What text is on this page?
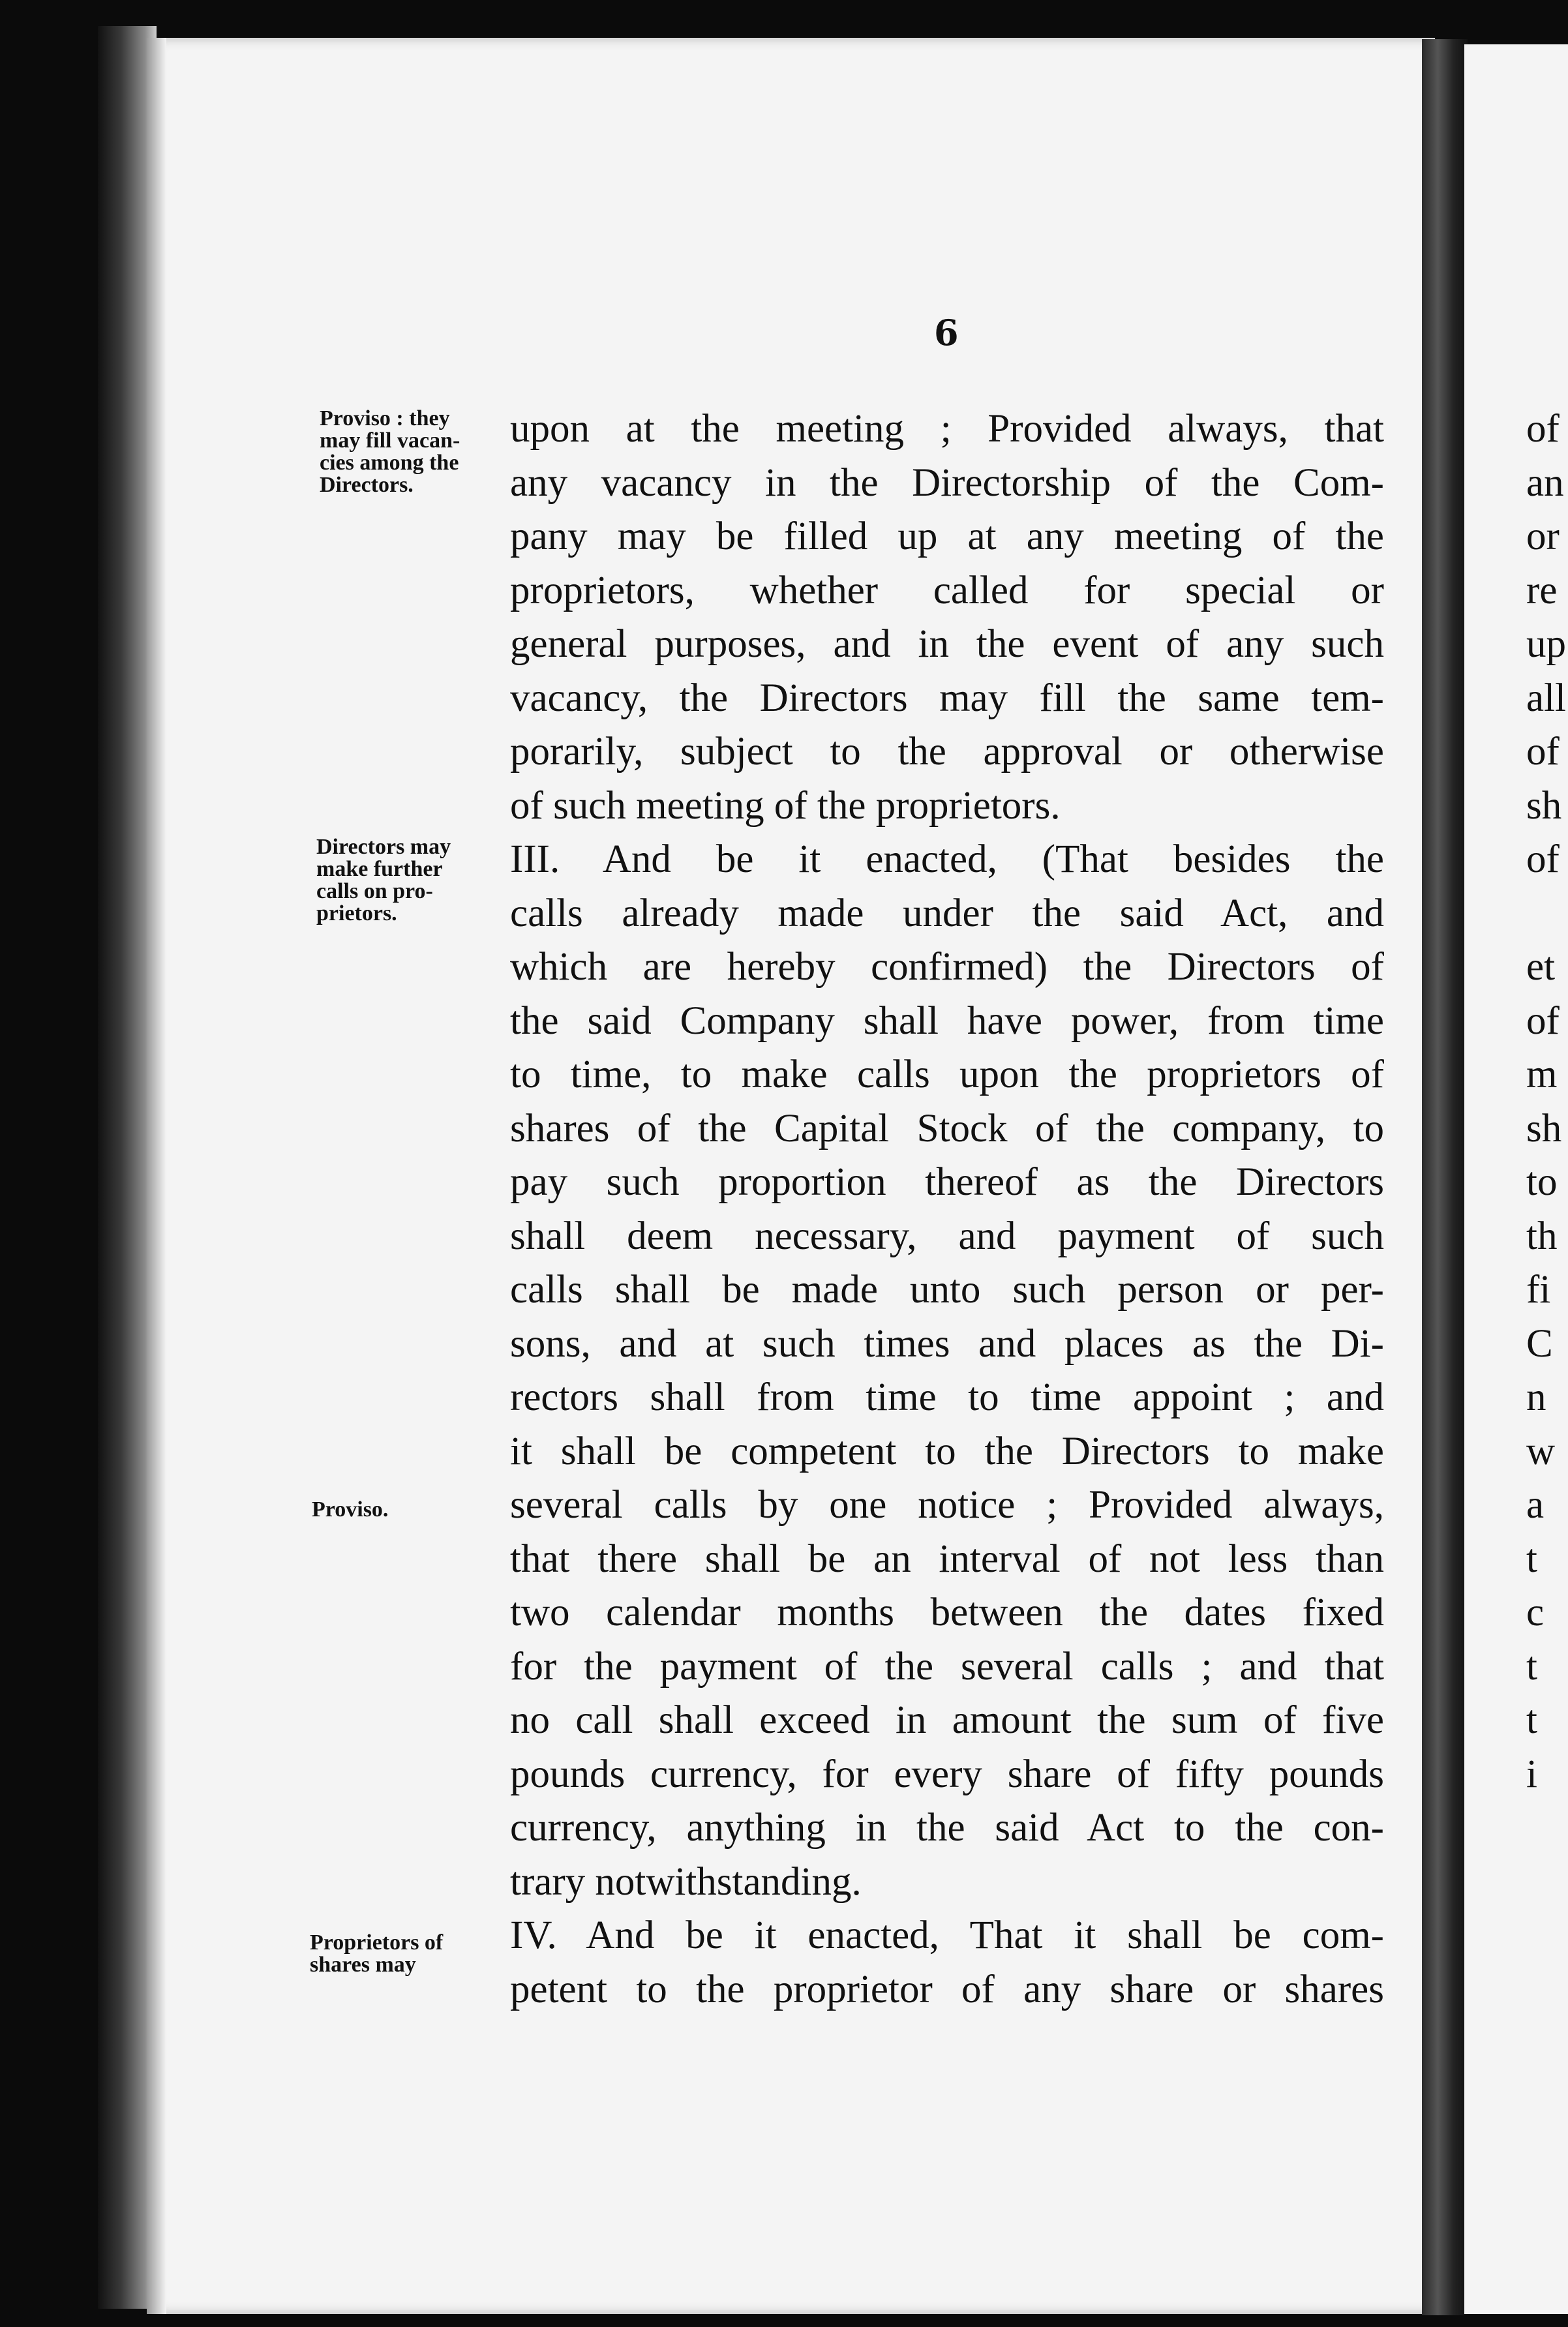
6
Proviso : they
may fill vacan-
cies among the
Directors.
Directors may
make further
calls on pro-
prietors.
Proviso.
Proprietors of
shares may
upon at the meeting ; Provided always, that
any vacancy in the Directorship of the Com-
pany may be filled up at any meeting of the
proprietors, whether called for special or
general purposes, and in the event of any such
vacancy, the Directors may fill the same tem-
porarily, subject to the approval or otherwise
of such meeting of the proprietors.
III. And be it enacted, (That besides the
calls already made under the said Act, and
which are hereby confirmed) the Directors of
the said Company shall have power, from time
to time, to make calls upon the proprietors of
shares of the Capital Stock of the company, to
pay such proportion thereof as the Directors
shall deem necessary, and payment of such
calls shall be made unto such person or per-
sons, and at such times and places as the Di-
rectors shall from time to time appoint ; and
it shall be competent to the Directors to make
several calls by one notice ; Provided always,
that there shall be an interval of not less than
two calendar months between the dates fixed
for the payment of the several calls ; and that
no call shall exceed in amount the sum of five
pounds currency, for every share of fifty pounds
currency, anything in the said Act to the con-
trary notwithstanding.
IV. And be it enacted, That it shall be com-
petent to the proprietor of any share or shares
of
an
or
re
up
all
of
sh
of
et
of
m
sh
to
th
fi
C
n
w
a
t
c
t
t
i
